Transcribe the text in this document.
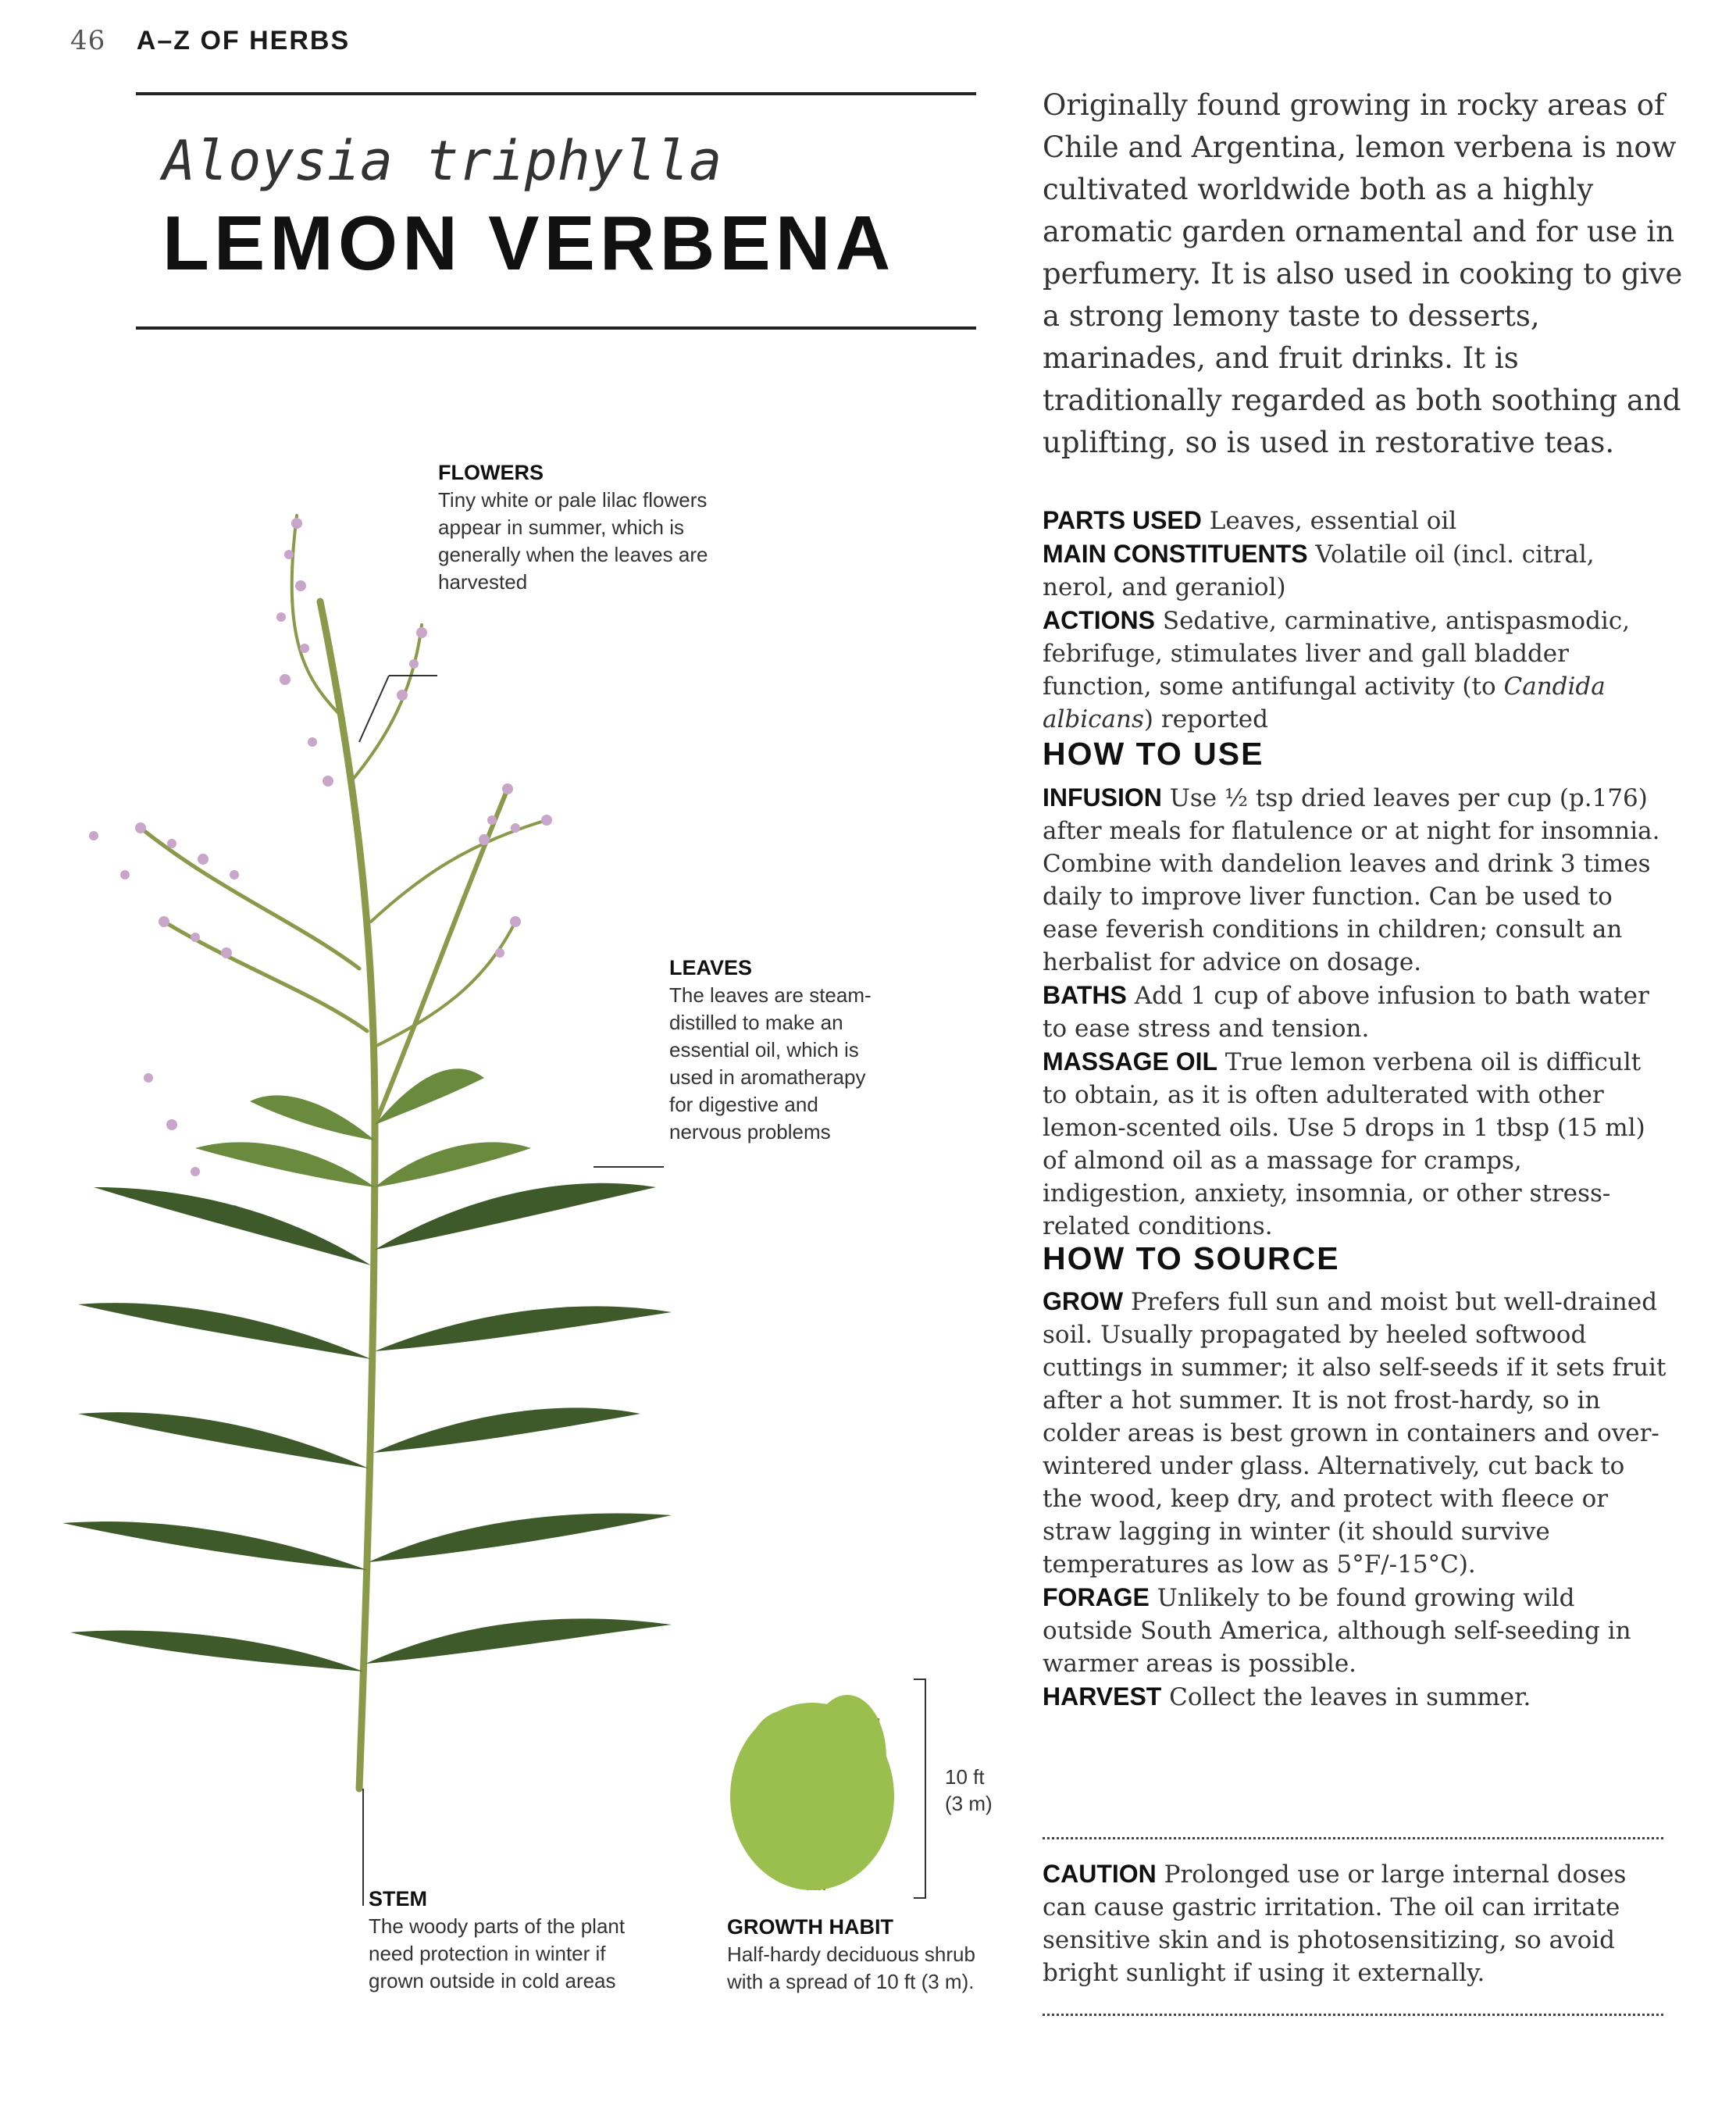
46 A–Z OF HERBS
Aloysia triphylla
LEMON VERBENA
10 ft
(3 m)
FLOWERS
Tiny white or pale lilac flowers appear in summer, which is generally when the leaves are harvested
LEAVES
The leaves are steam-distilled to make an essential oil, which is used in aromatherapy for digestive and nervous problems
STEM
The woody parts of the plant need protection in winter if grown outside in cold areas
GROWTH HABIT
Half-hardy deciduous shrub with a spread of 10 ft (3 m).
Originally found growing in rocky areas of Chile and Argentina, lemon verbena is now cultivated worldwide both as a highly aromatic garden ornamental and for use in perfumery. It is also used in cooking to give a strong lemony taste to desserts, marinades, and fruit drinks. It is traditionally regarded as both soothing and uplifting, so is used in restorative teas.
PARTS USED Leaves, essential oil
MAIN CONSTITUENTS Volatile oil (incl. citral, nerol, and geraniol)
ACTIONS Sedative, carminative, antispasmodic, febrifuge, stimulates liver and gall bladder function, some antifungal activity (to Candida albicans) reported
HOW TO USE
INFUSION Use ½ tsp dried leaves per cup (p.176) after meals for flatulence or at night for insomnia. Combine with dandelion leaves and drink 3 times daily to improve liver function. Can be used to ease feverish conditions in children; consult an herbalist for advice on dosage.
BATHS Add 1 cup of above infusion to bath water to ease stress and tension.
MASSAGE OIL True lemon verbena oil is difficult to obtain, as it is often adulterated with other lemon-scented oils. Use 5 drops in 1 tbsp (15 ml) of almond oil as a massage for cramps, indigestion, anxiety, insomnia, or other stress-related conditions.
HOW TO SOURCE
GROW Prefers full sun and moist but well-drained soil. Usually propagated by heeled softwood cuttings in summer; it also self-seeds if it sets fruit after a hot summer. It is not frost-hardy, so in colder areas is best grown in containers and over-wintered under glass. Alternatively, cut back to the wood, keep dry, and protect with fleece or straw lagging in winter (it should survive temperatures as low as 5°F/-15°C).
FORAGE Unlikely to be found growing wild outside South America, although self-seeding in warmer areas is possible.
HARVEST Collect the leaves in summer.
CAUTION Prolonged use or large internal doses can cause gastric irritation. The oil can irritate sensitive skin and is photosensitizing, so avoid bright sunlight if using it externally.
